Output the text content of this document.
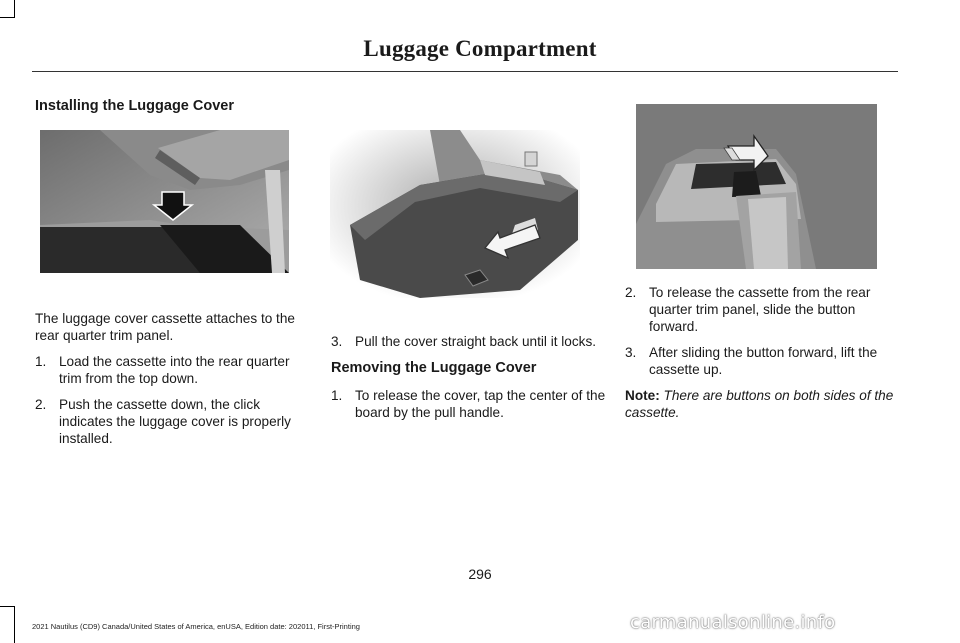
Luggage Compartment
Installing the Luggage Cover

The luggage cover cassette attaches to the rear quarter trim panel.

1. Load the cassette into the rear quarter trim from the top down.
2. Push the cassette down, the click indicates the luggage cover is properly installed.
3. Pull the cover straight back until it locks.
Removing the Luggage Cover
1. To release the cover, tap the center of the board by the pull handle.
2. To release the cassette from the rear quarter trim panel, slide the button forward.
3. After sliding the button forward, lift the cassette up.

Note: There are buttons on both sides of the cassette.

296
2021 Nautilus (CD9) Canada/United States of America, enUSA, Edition date: 202011, First-Printing	carmanualsonline.info
